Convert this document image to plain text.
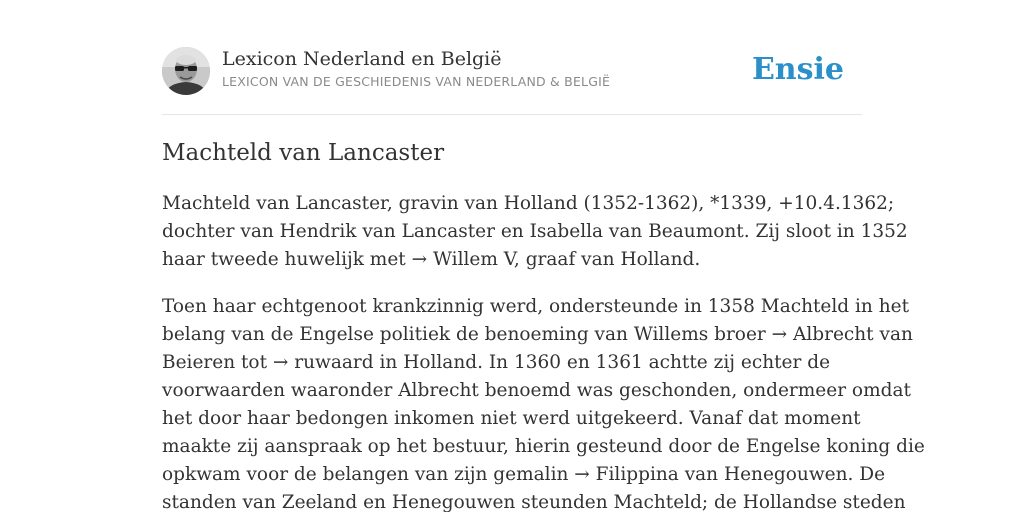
Lexicon Nederland en België
LEXICON VAN DE GESCHIEDENIS VAN NEDERLAND & BELGIË	Ensie
Machteld van Lancaster

Machteld van Lancaster, gravin van Holland (1352-1362), *1339, +10.4.1362;
dochter van Hendrik van Lancaster en Isabella van Beaumont. Zij sloot in 1352
haar tweede huwelijk met → Willem V, graaf van Holland.

Toen haar echtgenoot krankzinnig werd, ondersteunde in 1358 Machteld in het
belang van de Engelse politiek de benoeming van Willems broer → Albrecht van
Beieren tot → ruwaard in Holland. In 1360 en 1361 achtte zij echter de
voorwaarden waaronder Albrecht benoemd was geschonden, ondermeer omdat
het door haar bedongen inkomen niet werd uitgekeerd. Vanaf dat moment
maakte zij aanspraak op het bestuur, hierin gesteund door de Engelse koning die
opkwam voor de belangen van zijn gemalin → Filippina van Henegouwen. De
standen van Zeeland en Henegouwen steunden Machteld; de Hollandse steden
